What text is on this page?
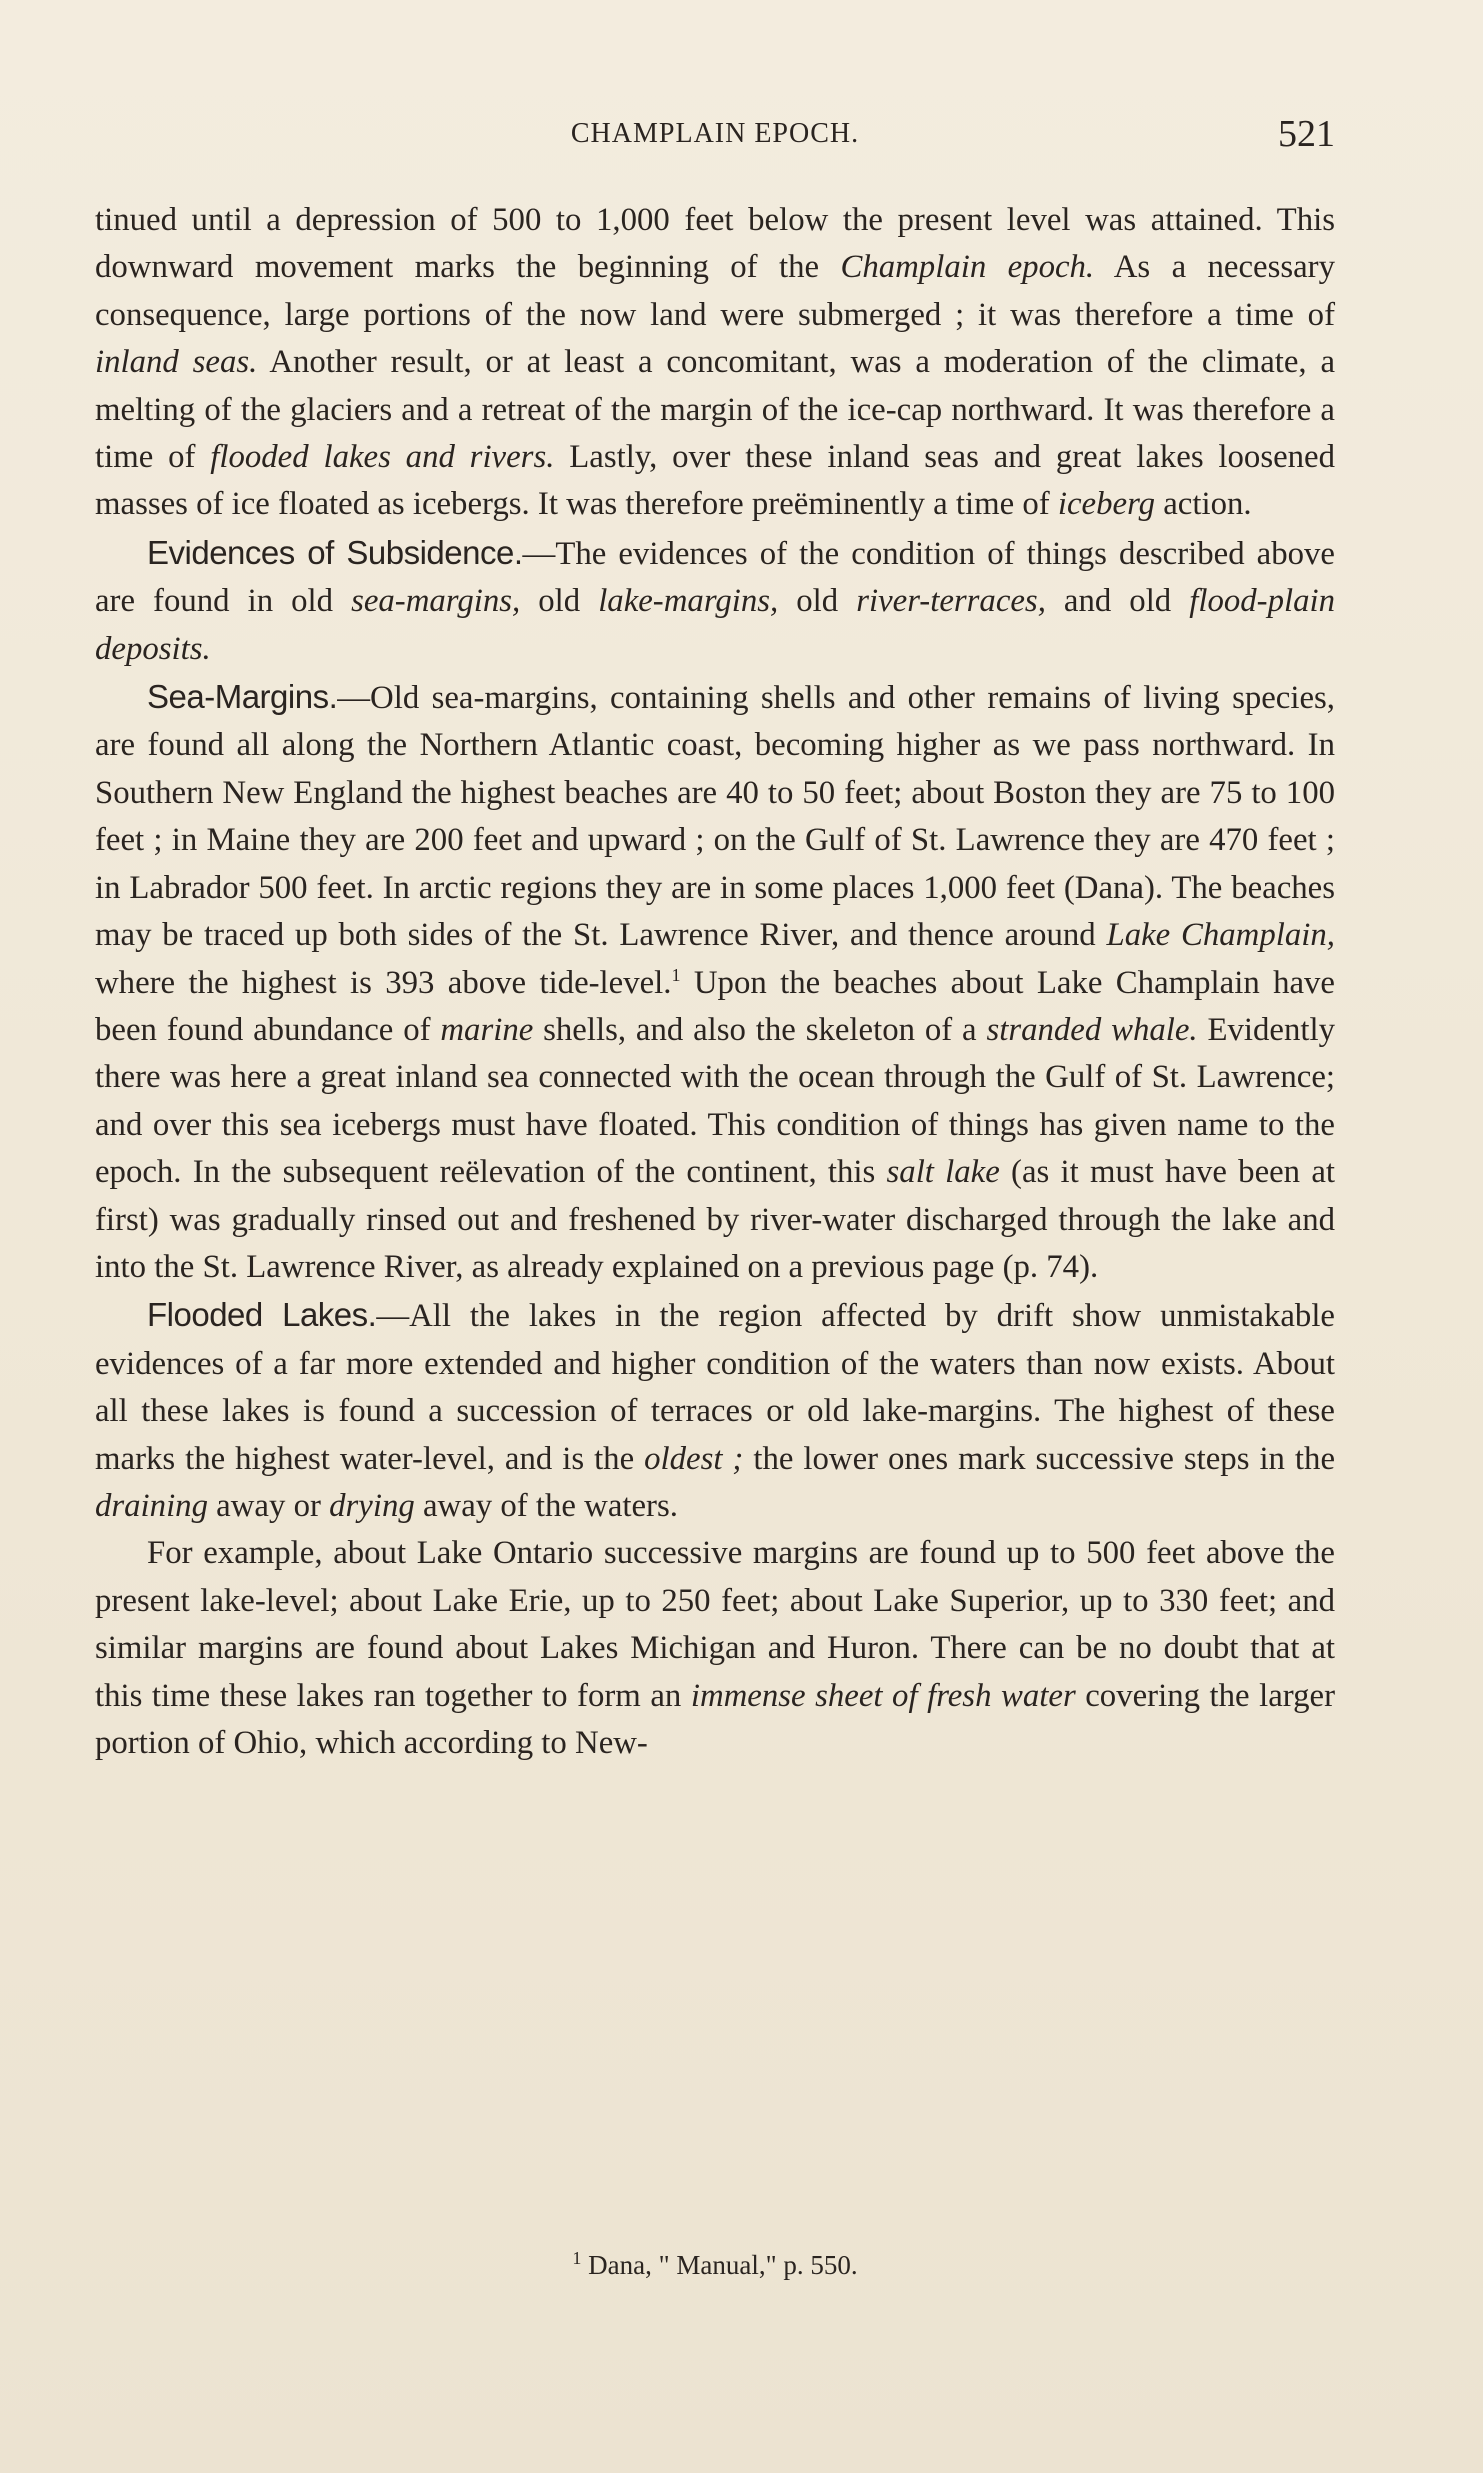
CHAMPLAIN EPOCH.	521

tinued until a depression of 500 to 1,000 feet below the present level was attained. This downward movement marks the beginning of the Champlain epoch. As a necessary consequence, large portions of the now land were submerged ; it was therefore a time of inland seas. Another result, or at least a concomitant, was a moderation of the climate, a melting of the glaciers and a retreat of the margin of the ice-cap northward. It was therefore a time of flooded lakes and rivers. Lastly, over these inland seas and great lakes loosened masses of ice floated as icebergs. It was therefore preëminently a time of iceberg action.

Evidences of Subsidence.—The evidences of the condition of things described above are found in old sea-margins, old lake-margins, old river-terraces, and old flood-plain deposits.

Sea-Margins.—Old sea-margins, containing shells and other remains of living species, are found all along the Northern Atlantic coast, becoming higher as we pass northward. In Southern New England the highest beaches are 40 to 50 feet; about Boston they are 75 to 100 feet ; in Maine they are 200 feet and upward ; on the Gulf of St. Lawrence they are 470 feet ; in Labrador 500 feet. In arctic regions they are in some places 1,000 feet (Dana). The beaches may be traced up both sides of the St. Lawrence River, and thence around Lake Champlain, where the highest is 393 above tide-level.$^1$ Upon the beaches about Lake Champlain have been found abundance of marine shells, and also the skeleton of a stranded whale. Evidently there was here a great inland sea connected with the ocean through the Gulf of St. Lawrence; and over this sea icebergs must have floated. This condition of things has given name to the epoch. In the subsequent reëlevation of the continent, this salt lake (as it must have been at first) was gradually rinsed out and freshened by river-water discharged through the lake and into the St. Lawrence River, as already explained on a previous page (p. 74).

Flooded Lakes.—All the lakes in the region affected by drift show unmistakable evidences of a far more extended and higher condition of the waters than now exists. About all these lakes is found a succession of terraces or old lake-margins. The highest of these marks the highest water-level, and is the oldest ; the lower ones mark successive steps in the draining away or drying away of the waters.

For example, about Lake Ontario successive margins are found up to 500 feet above the present lake-level; about Lake Erie, up to 250 feet; about Lake Superior, up to 330 feet; and similar margins are found about Lakes Michigan and Huron. There can be no doubt that at this time these lakes ran together to form an immense sheet of fresh water covering the larger portion of Ohio, which according to New-

$^1$ Dana, " Manual," p. 550.
